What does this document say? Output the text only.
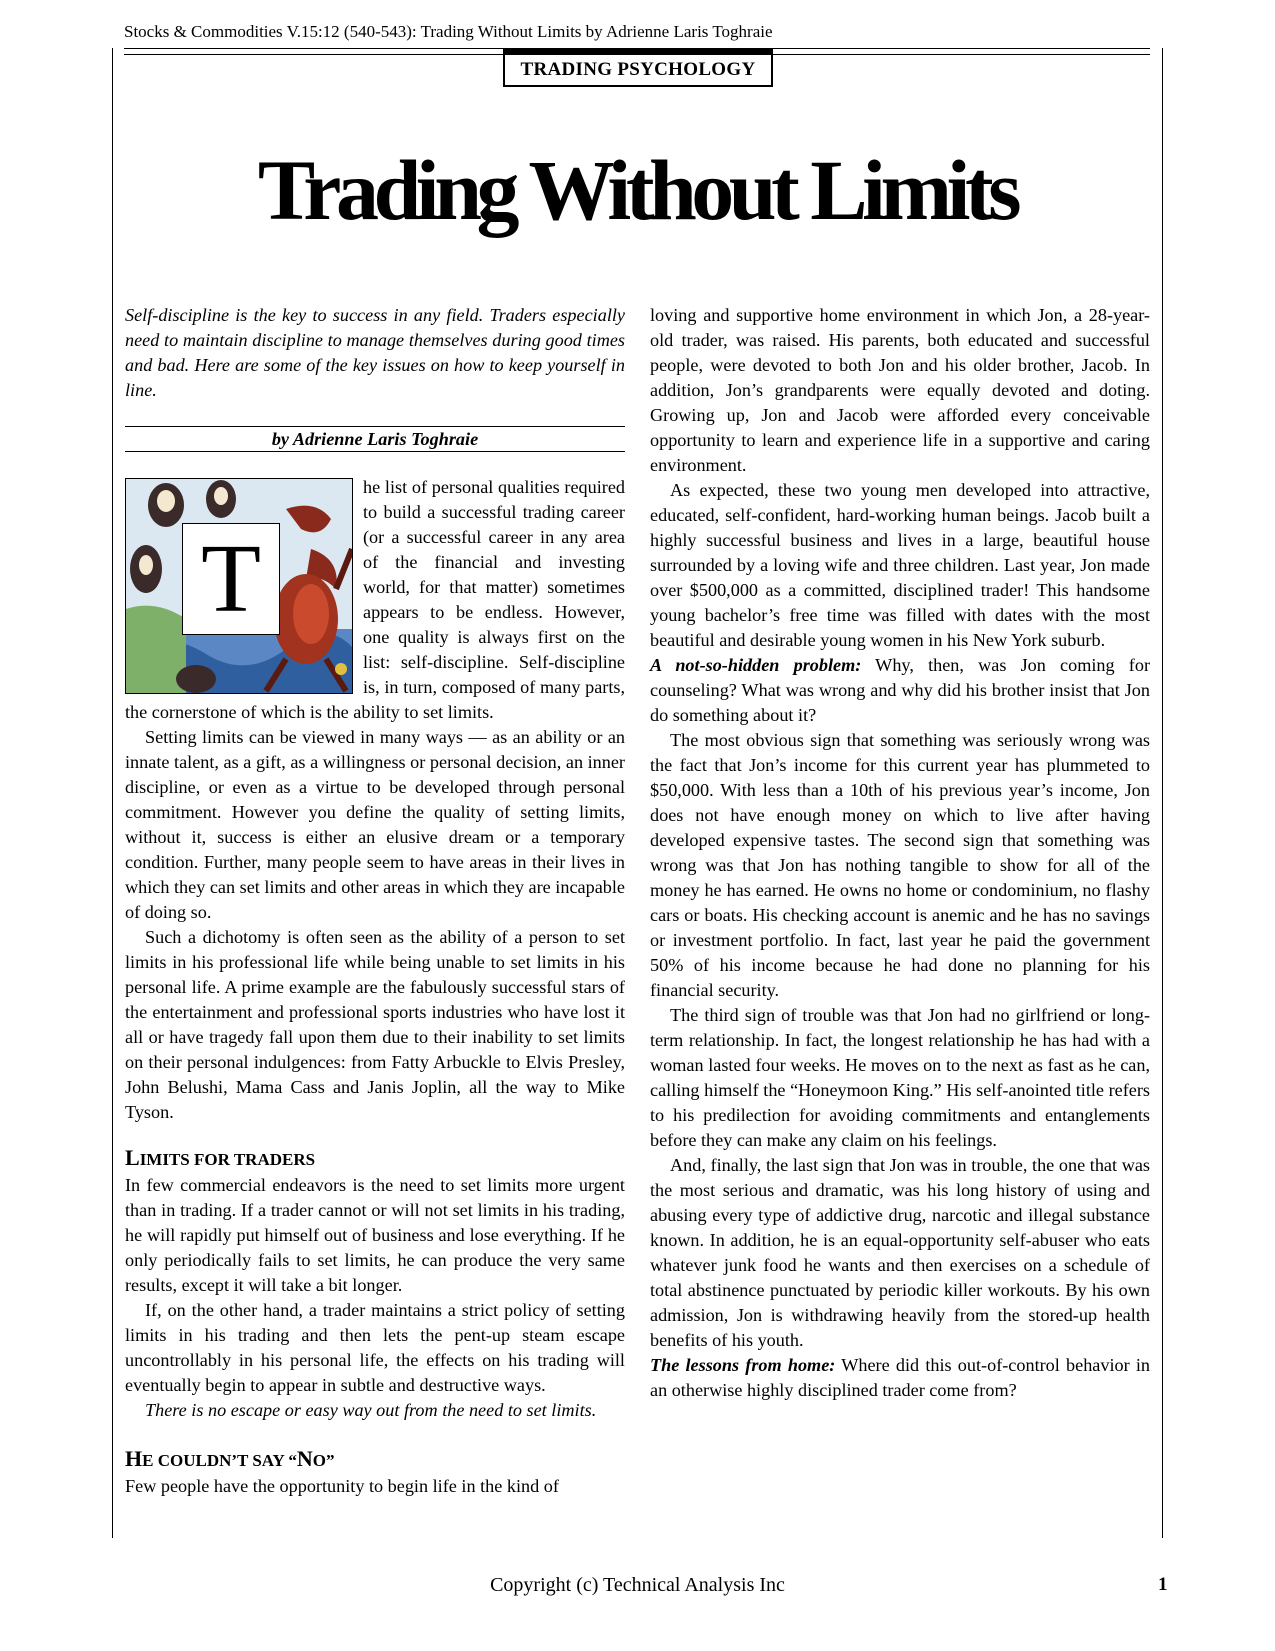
Stocks & Commodities V.15:12 (540-543): Trading Without Limits by Adrienne Laris Toghraie
TRADING PSYCHOLOGY
Trading Without Limits

Self-discipline is the key to success in any field. Traders especially need to maintain discipline to manage themselves during good times and bad. Here are some of the key issues on how to keep yourself in line.

by Adrienne Laris Toghraie
T

he list of personal qualities required to build a successful trading career (or a successful career in any area of the financial and investing world, for that matter) sometimes appears to be endless. However, one quality is always first on the list: self-discipline. Self-discipline is, in turn, composed of many parts, the cornerstone of which is the ability to set limits.

Setting limits can be viewed in many ways — as an ability or an innate talent, as a gift, as a willingness or personal decision, an inner discipline, or even as a virtue to be developed through personal commitment. However you define the quality of setting limits, without it, success is either an elusive dream or a temporary condition. Further, many people seem to have areas in their lives in which they can set limits and other areas in which they are incapable of doing so.

Such a dichotomy is often seen as the ability of a person to set limits in his professional life while being unable to set limits in his personal life. A prime example are the fabulously successful stars of the entertainment and professional sports industries who have lost it all or have tragedy fall upon them due to their inability to set limits on their personal indulgences: from Fatty Arbuckle to Elvis Presley, John Belushi, Mama Cass and Janis Joplin, all the way to Mike Tyson.

LIMITS FOR TRADERS

In few commercial endeavors is the need to set limits more urgent than in trading. If a trader cannot or will not set limits in his trading, he will rapidly put himself out of business and lose everything. If he only periodically fails to set limits, he can produce the very same results, except it will take a bit longer.

If, on the other hand, a trader maintains a strict policy of setting limits in his trading and then lets the pent-up steam escape uncontrollably in his personal life, the effects on his trading will eventually begin to appear in subtle and destructive ways.

There is no escape or easy way out from the need to set limits.

HE COULDN’T SAY “NO”

Few people have the opportunity to begin life in the kind of

loving and supportive home environment in which Jon, a 28-year-old trader, was raised. His parents, both educated and successful people, were devoted to both Jon and his older brother, Jacob. In addition, Jon’s grandparents were equally devoted and doting. Growing up, Jon and Jacob were afforded every conceivable opportunity to learn and experience life in a supportive and caring environment.

As expected, these two young men developed into attractive, educated, self-confident, hard-working human beings. Jacob built a highly successful business and lives in a large, beautiful house surrounded by a loving wife and three children. Last year, Jon made over $500,000 as a committed, disciplined trader! This handsome young bachelor’s free time was filled with dates with the most beautiful and desirable young women in his New York suburb.

A not-so-hidden problem: Why, then, was Jon coming for counseling? What was wrong and why did his brother insist that Jon do something about it?

The most obvious sign that something was seriously wrong was the fact that Jon’s income for this current year has plummeted to $50,000. With less than a 10th of his previous year’s income, Jon does not have enough money on which to live after having developed expensive tastes. The second sign that something was wrong was that Jon has nothing tangible to show for all of the money he has earned. He owns no home or condominium, no flashy cars or boats. His checking account is anemic and he has no savings or investment portfolio. In fact, last year he paid the government 50% of his income because he had done no planning for his financial security.

The third sign of trouble was that Jon had no girlfriend or long-term relationship. In fact, the longest relationship he has had with a woman lasted four weeks. He moves on to the next as fast as he can, calling himself the “Honeymoon King.” His self-anointed title refers to his predilection for avoiding commitments and entanglements before they can make any claim on his feelings.

And, finally, the last sign that Jon was in trouble, the one that was the most serious and dramatic, was his long history of using and abusing every type of addictive drug, narcotic and illegal substance known. In addition, he is an equal-opportunity self-abuser who eats whatever junk food he wants and then exercises on a schedule of total abstinence punctuated by periodic killer workouts. By his own admission, Jon is withdrawing heavily from the stored-up health benefits of his youth.

The lessons from home: Where did this out-of-control behavior in an otherwise highly disciplined trader come from?

Copyright (c) Technical Analysis Inc	1
